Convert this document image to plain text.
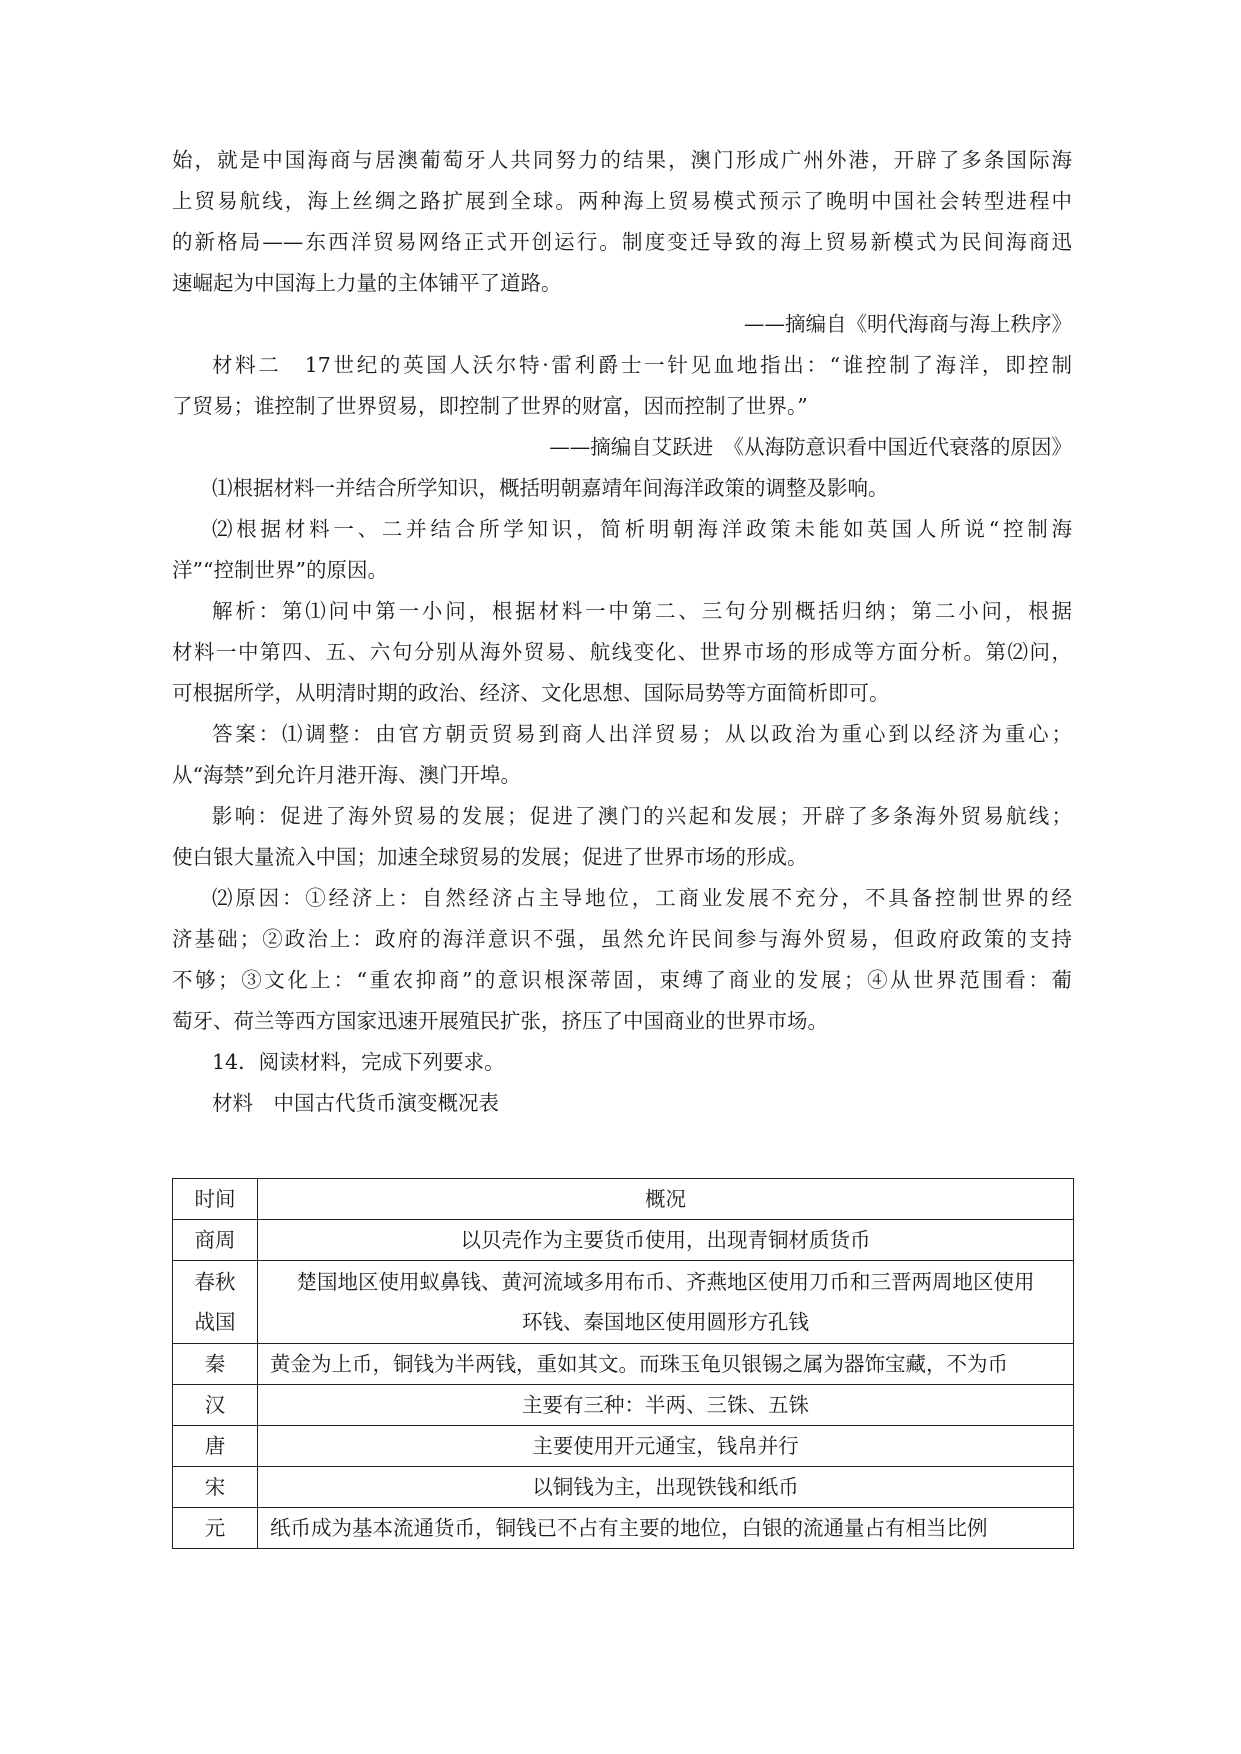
始，就是中国海商与居澳葡萄牙人共同努力的结果，澳门形成广州外港，开辟了多条国际海
上贸易航线，海上丝绸之路扩展到全球。两种海上贸易模式预示了晚明中国社会转型进程中
的新格局——东西洋贸易网络正式开创运行。制度变迁导致的海上贸易新模式为民间海商迅
速崛起为中国海上力量的主体铺平了道路。
——摘编自《明代海商与海上秩序》
材料二　17世纪的英国人沃尔特·雷利爵士一针见血地指出：“谁控制了海洋，即控制
了贸易；谁控制了世界贸易，即控制了世界的财富，因而控制了世界。”
——摘编自艾跃进　《从海防意识看中国近代衰落的原因》
⑴根据材料一并结合所学知识，概括明朝嘉靖年间海洋政策的调整及影响。
⑵根据材料一、二并结合所学知识，简析明朝海洋政策未能如英国人所说“控制海
洋”“控制世界”的原因。
解析：第⑴问中第一小问，根据材料一中第二、三句分别概括归纳；第二小问，根据
材料一中第四、五、六句分别从海外贸易、航线变化、世界市场的形成等方面分析。第⑵问，
可根据所学，从明清时期的政治、经济、文化思想、国际局势等方面简析即可。
答案：⑴调整：由官方朝贡贸易到商人出洋贸易；从以政治为重心到以经济为重心；
从“海禁”到允许月港开海、澳门开埠。
影响：促进了海外贸易的发展；促进了澳门的兴起和发展；开辟了多条海外贸易航线；
使白银大量流入中国；加速全球贸易的发展；促进了世界市场的形成。
⑵原因：①经济上：自然经济占主导地位，工商业发展不充分，不具备控制世界的经
济基础；②政治上：政府的海洋意识不强，虽然允许民间参与海外贸易，但政府政策的支持
不够；③文化上：“重农抑商”的意识根深蒂固，束缚了商业的发展；④从世界范围看：葡
萄牙、荷兰等西方国家迅速开展殖民扩张，挤压了中国商业的世界市场。
14．阅读材料，完成下列要求。
材料　中国古代货币演变概况表
时间	概况
商周	以贝壳作为主要货币使用，出现青铜材质货币

春秋
战国	楚国地区使用蚁鼻钱、黄河流域多用布币、齐燕地区使用刀币和三晋两周地区使用
环钱、秦国地区使用圆形方孔钱

秦	黄金为上币，铜钱为半两钱，重如其文。而珠玉龟贝银锡之属为器饰宝藏，不为币
汉	主要有三种：半两、三铢、五铢
唐	主要使用开元通宝，钱帛并行
宋	以铜钱为主，出现铁钱和纸币
元	纸币成为基本流通货币，铜钱已不占有主要的地位，白银的流通量占有相当比例
